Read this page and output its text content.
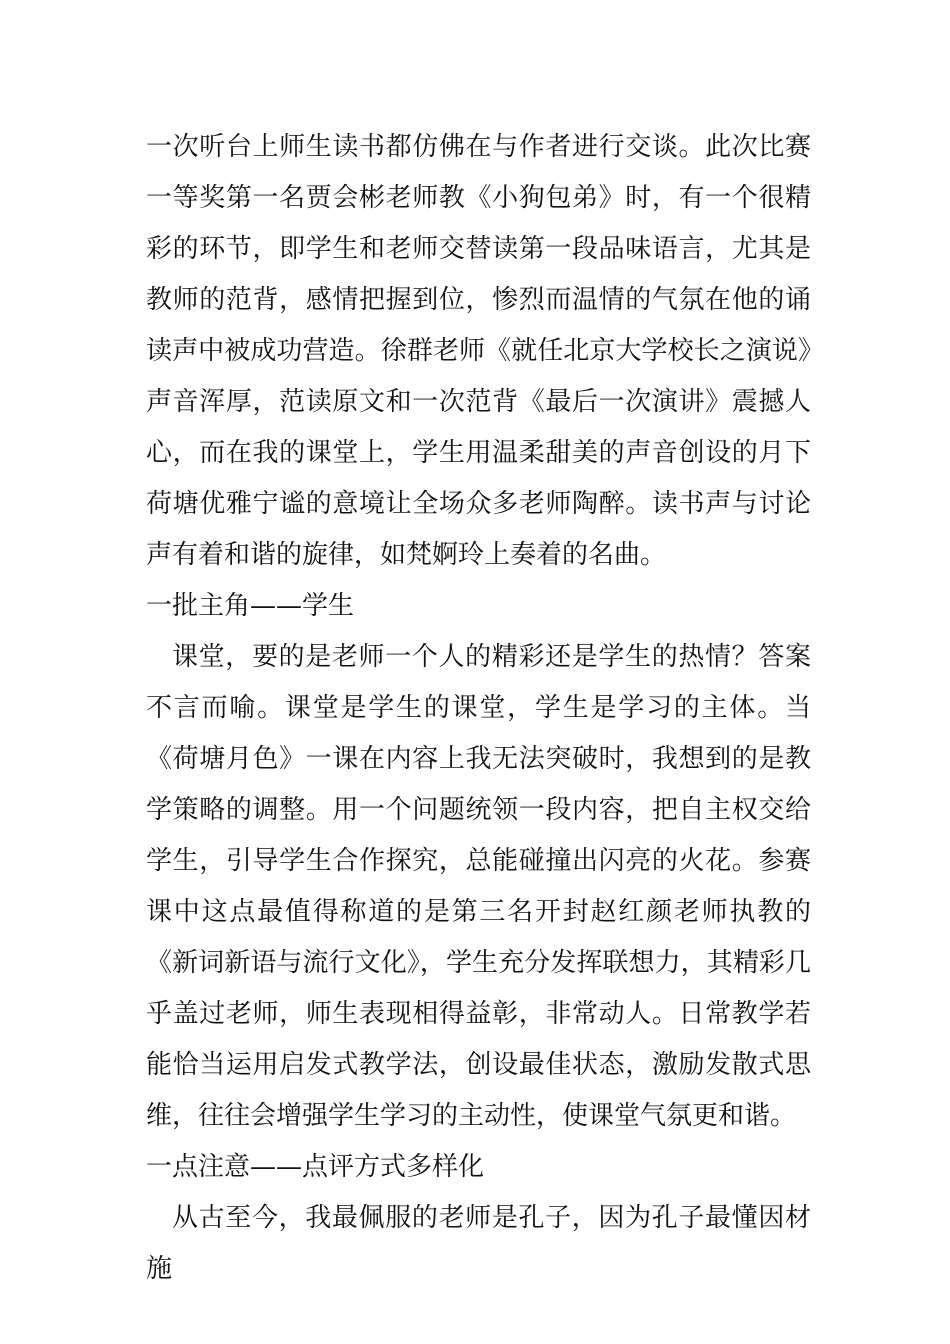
一次听台上师生读书都仿佛在与作者进行交谈。此次比赛一等奖第一名贾会彬老师教《小狗包弟》时，有一个很精彩的环节，即学生和老师交替读第一段品味语言，尤其是教师的范背，感情把握到位，惨烈而温情的气氛在他的诵读声中被成功营造。徐群老师《就任北京大学校长之演说》声音浑厚，范读原文和一次范背《最后一次演讲》震撼人心，而在我的课堂上，学生用温柔甜美的声音创设的月下荷塘优雅宁谧的意境让全场众多老师陶醉。读书声与讨论声有着和谐的旋律，如梵婀玲上奏着的名曲。

一批主角——学生

课堂，要的是老师一个人的精彩还是学生的热情？答案不言而喻。课堂是学生的课堂，学生是学习的主体。当《荷塘月色》一课在内容上我无法突破时，我想到的是教学策略的调整。用一个问题统领一段内容，把自主权交给学生，引导学生合作探究，总能碰撞出闪亮的火花。参赛课中这点最值得称道的是第三名开封赵红颜老师执教的《新词新语与流行文化》，学生充分发挥联想力，其精彩几乎盖过老师，师生表现相得益彰，非常动人。日常教学若能恰当运用启发式教学法，创设最佳状态，激励发散式思维，往往会增强学生学习的主动性，使课堂气氛更和谐。

一点注意——点评方式多样化

从古至今，我最佩服的老师是孔子，因为孔子最懂因材施
